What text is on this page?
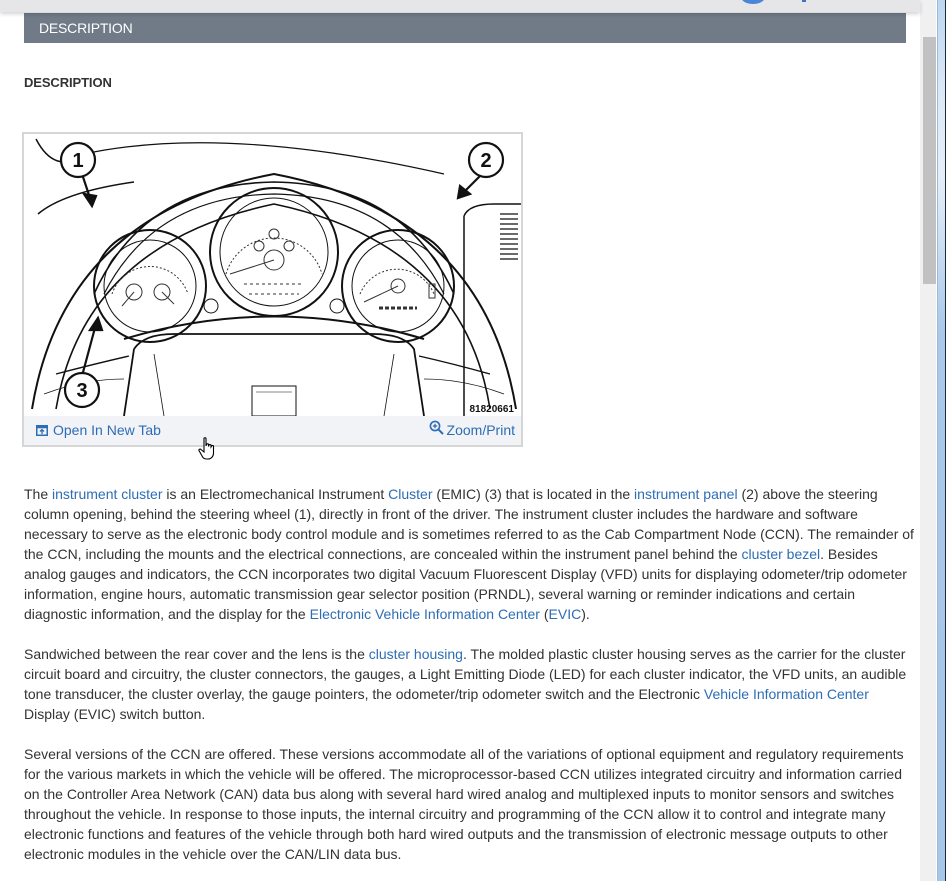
DESCRIPTION
DESCRIPTION
1	2
3
81820661
Open In New Tab	Zoom/Print

The instrument cluster is an Electromechanical Instrument Cluster (EMIC) (3) that is located in the instrument panel (2) above the steering column opening, behind the steering wheel (1), directly in front of the driver. The instrument cluster includes the hardware and software necessary to serve as the electronic body control module and is sometimes referred to as the Cab Compartment Node (CCN). The remainder of the CCN, including the mounts and the electrical connections, are concealed within the instrument panel behind the cluster bezel. Besides analog gauges and indicators, the CCN incorporates two digital Vacuum Fluorescent Display (VFD) units for displaying odometer/trip odometer information, engine hours, automatic transmission gear selector position (PRNDL), several warning or reminder indications and certain diagnostic information, and the display for the Electronic Vehicle Information Center (EVIC).

Sandwiched between the rear cover and the lens is the cluster housing. The molded plastic cluster housing serves as the carrier for the cluster circuit board and circuitry, the cluster connectors, the gauges, a Light Emitting Diode (LED) for each cluster indicator, the VFD units, an audible tone transducer, the cluster overlay, the gauge pointers, the odometer/trip odometer switch and the Electronic Vehicle Information Center Display (EVIC) switch button.

Several versions of the CCN are offered. These versions accommodate all of the variations of optional equipment and regulatory requirements for the various markets in which the vehicle will be offered. The microprocessor-based CCN utilizes integrated circuitry and information carried on the Controller Area Network (CAN) data bus along with several hard wired analog and multiplexed inputs to monitor sensors and switches throughout the vehicle. In response to those inputs, the internal circuitry and programming of the CCN allow it to control and integrate many electronic functions and features of the vehicle through both hard wired outputs and the transmission of electronic message outputs to other electronic modules in the vehicle over the CAN/LIN data bus.
